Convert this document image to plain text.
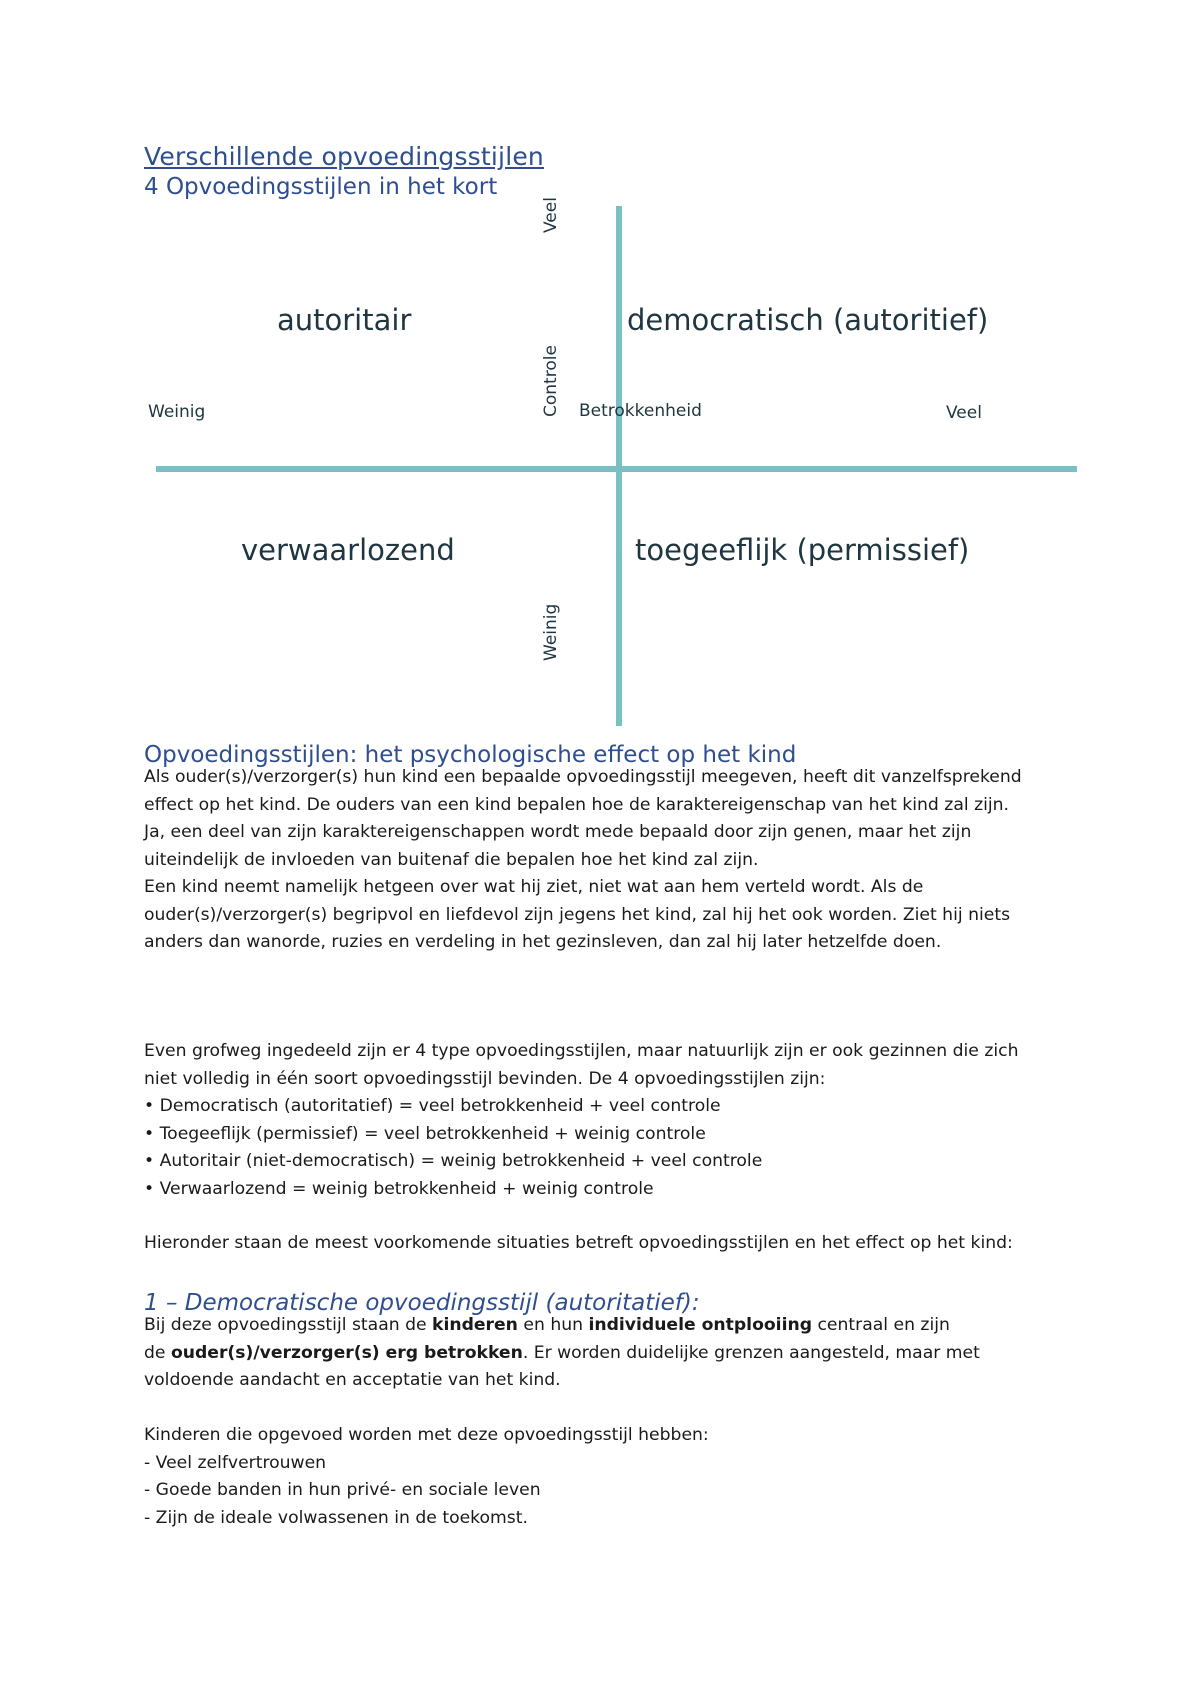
Verschillende opvoedingsstijlen
4 Opvoedingsstijlen in het kort
autoritair	democratisch (autoritief)
verwaarlozend	toegeeflijk (permissief)
Weinig	Betrokkenheid	Veel
Veel
Controle
Weinig
Opvoedingsstijlen: het psychologische effect op het kind
Als ouder(s)/verzorger(s) hun kind een bepaalde opvoedingsstijl meegeven, heeft dit vanzelfsprekend
effect op het kind. De ouders van een kind bepalen hoe de karaktereigenschap van het kind zal zijn.
Ja, een deel van zijn karaktereigenschappen wordt mede bepaald door zijn genen, maar het zijn
uiteindelijk de invloeden van buitenaf die bepalen hoe het kind zal zijn.
Een kind neemt namelijk hetgeen over wat hij ziet, niet wat aan hem verteld wordt. Als de
ouder(s)/verzorger(s) begripvol en liefdevol zijn jegens het kind, zal hij het ook worden. Ziet hij niets
anders dan wanorde, ruzies en verdeling in het gezinsleven, dan zal hij later hetzelfde doen.
Even grofweg ingedeeld zijn er 4 type opvoedingsstijlen, maar natuurlijk zijn er ook gezinnen die zich
niet volledig in één soort opvoedingsstijl bevinden. De 4 opvoedingsstijlen zijn:
• Democratisch (autoritatief) = veel betrokkenheid + veel controle
• Toegeeflijk (permissief) = veel betrokkenheid + weinig controle
• Autoritair (niet-democratisch) = weinig betrokkenheid + veel controle
• Verwaarlozend = weinig betrokkenheid + weinig controle
Hieronder staan de meest voorkomende situaties betreft opvoedingsstijlen en het effect op het kind:
1 – Democratische opvoedingsstijl (autoritatief):
Bij deze opvoedingsstijl staan de kinderen en hun individuele ontplooiing centraal en zijn
de ouder(s)/verzorger(s) erg betrokken. Er worden duidelijke grenzen aangesteld, maar met
voldoende aandacht en acceptatie van het kind.
Kinderen die opgevoed worden met deze opvoedingsstijl hebben:
- Veel zelfvertrouwen
- Goede banden in hun privé- en sociale leven
- Zijn de ideale volwassenen in de toekomst.
